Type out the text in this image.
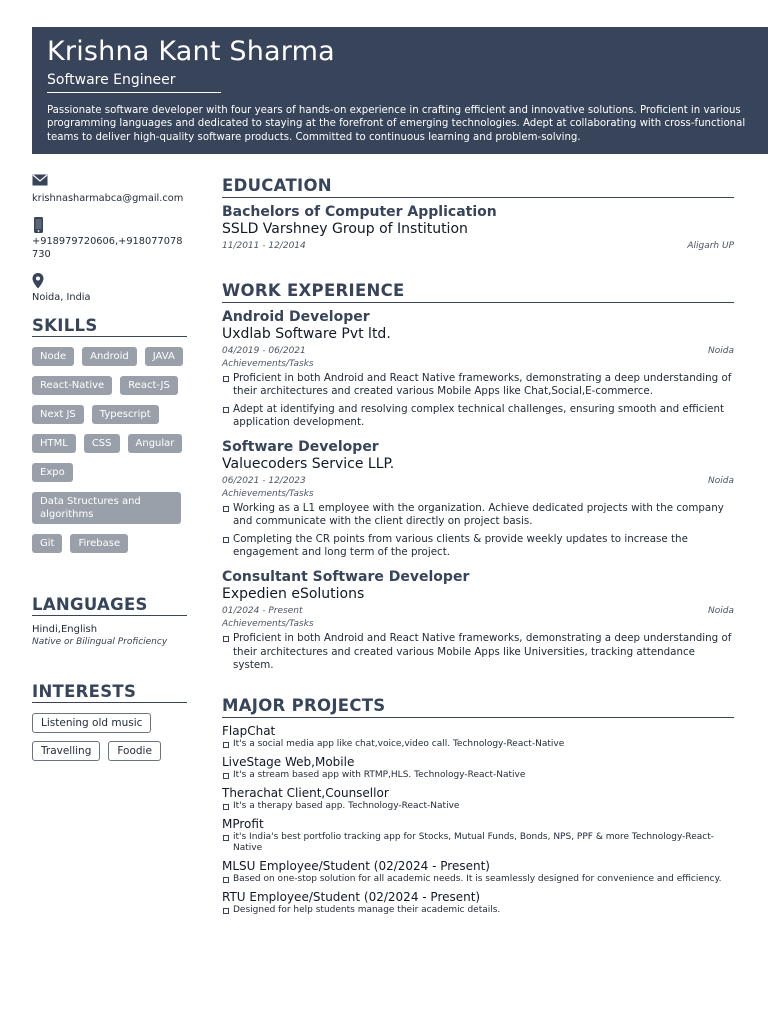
Krishna Kant Sharma
Software Engineer
Passionate software developer with four years of hands-on experience in crafting efficient and innovative solutions. Proficient in various programming languages and dedicated to staying at the forefront of emerging technologies. Adept at collaborating with cross-functional teams to deliver high-quality software products. Committed to continuous learning and problem-solving.
krishnasharmabca@gmail.com
+918979720606,+918077078730
Noida, India
SKILLS
Node	Android	JAVA
React-Native	React-JS
Next JS	Typescript
HTML	CSS	Angular
Expo
Data Structures and algorithms
Git	Firebase
LANGUAGES
Hindi,English
Native or Bilingual Proficiency
INTERESTS
Listening old music
Travelling	Foodie
EDUCATION
Bachelors of Computer Application
SSLD Varshney Group of Institution
11/2011 - 12/2014	Aligarh UP
WORK EXPERIENCE
Android Developer
Uxdlab Software Pvt ltd.
04/2019 - 06/2021	Noida
Achievements/Tasks
Proficient in both Android and React Native frameworks, demonstrating a deep understanding of their architectures and created various Mobile Apps like Chat,Social,E-commerce.
Adept at identifying and resolving complex technical challenges, ensuring smooth and efficient application development.
Software Developer
Valuecoders Service LLP.
06/2021 - 12/2023	Noida
Achievements/Tasks
Working as a L1 employee with the organization. Achieve dedicated projects with the company and communicate with the client directly on project basis.
Completing the CR points from various clients & provide weekly updates to increase the engagement and long term of the project.
Consultant Software Developer
Expedien eSolutions
01/2024 - Present	Noida
Achievements/Tasks
Proficient in both Android and React Native frameworks, demonstrating a deep understanding of their architectures and created various Mobile Apps like Universities, tracking attendance system.
MAJOR PROJECTS
FlapChat
It's a social media app like chat,voice,video call. Technology-React-Native
LiveStage Web,Mobile
It's a stream based app with RTMP,HLS. Technology-React-Native
Therachat Client,Counsellor
It's a therapy based app. Technology-React-Native
MProfit
it's India's best portfolio tracking app for Stocks, Mutual Funds, Bonds, NPS, PPF & more Technology-React-Native
MLSU Employee/Student (02/2024 - Present)
Based on one-stop solution for all academic needs. It is seamlessly designed for convenience and efficiency.
RTU Employee/Student (02/2024 - Present)
Designed for help students manage their academic details.
